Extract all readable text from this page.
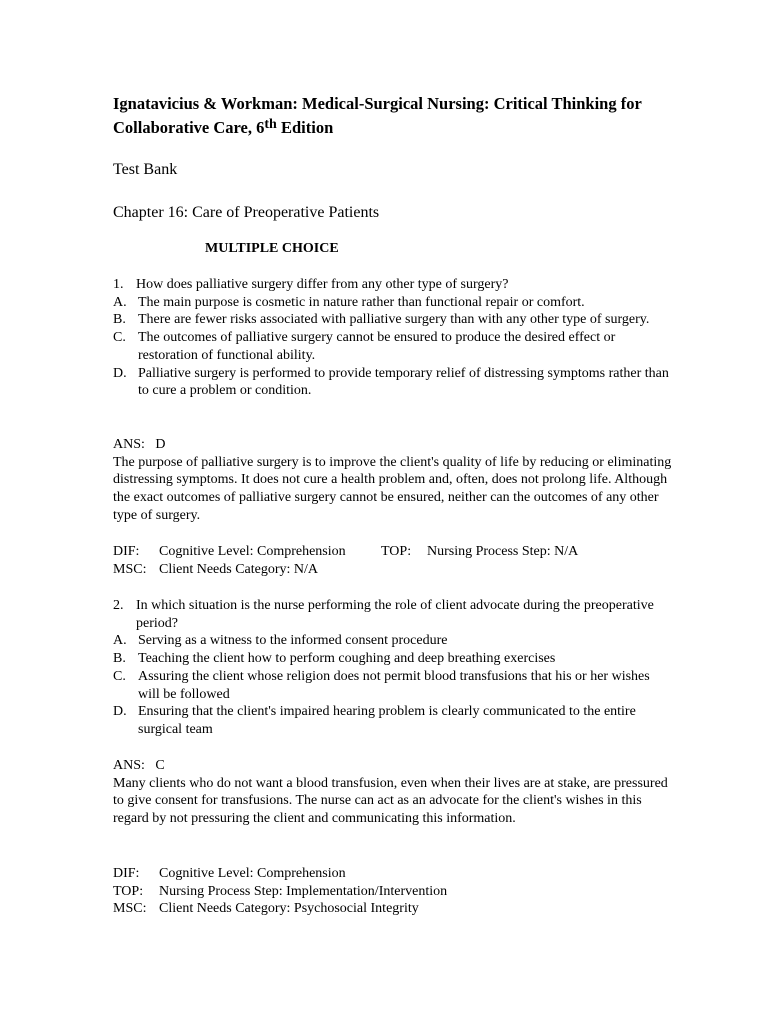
Ignatavicius & Workman: Medical-Surgical Nursing: Critical Thinking for Collaborative Care, 6th Edition
Test Bank
Chapter 16: Care of Preoperative Patients
MULTIPLE CHOICE
1. How does palliative surgery differ from any other type of surgery?
A. The main purpose is cosmetic in nature rather than functional repair or comfort.
B. There are fewer risks associated with palliative surgery than with any other type of surgery.
C. The outcomes of palliative surgery cannot be ensured to produce the desired effect or restoration of functional ability.
D. Palliative surgery is performed to provide temporary relief of distressing symptoms rather than to cure a problem or condition.
ANS: D
The purpose of palliative surgery is to improve the client's quality of life by reducing or eliminating distressing symptoms. It does not cure a health problem and, often, does not prolong life. Although the exact outcomes of palliative surgery cannot be ensured, neither can the outcomes of any other type of surgery.
DIF: Cognitive Level: Comprehension	TOP: Nursing Process Step: N/A
MSC: Client Needs Category: N/A
2. In which situation is the nurse performing the role of client advocate during the preoperative period?
A. Serving as a witness to the informed consent procedure
B. Teaching the client how to perform coughing and deep breathing exercises
C. Assuring the client whose religion does not permit blood transfusions that his or her wishes will be followed
D. Ensuring that the client's impaired hearing problem is clearly communicated to the entire surgical team
ANS: C
Many clients who do not want a blood transfusion, even when their lives are at stake, are pressured to give consent for transfusions. The nurse can act as an advocate for the client's wishes in this regard by not pressuring the client and communicating this information.
DIF: Cognitive Level: Comprehension
TOP: Nursing Process Step: Implementation/Intervention
MSC: Client Needs Category: Psychosocial Integrity
